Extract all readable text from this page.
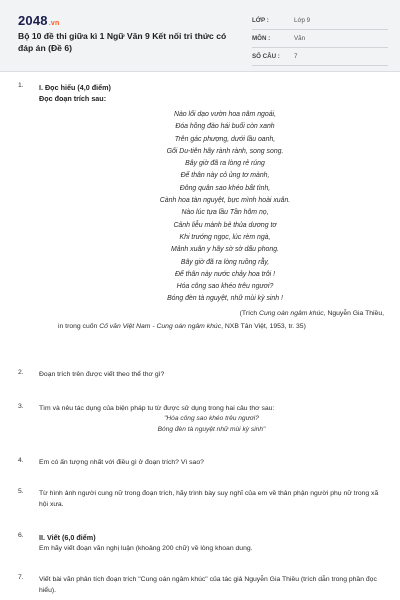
2048.vn
Bộ 10 đề thi giữa kì 1 Ngữ Văn 9 Kết nối tri thức có đáp án (Đề 6)
LỚP :	Lớp 9
MÔN :	Văn
SỐ CÂU :	7
1.	I. Đọc hiểu (4,0 điểm)
Đọc đoạn trích sau:
Nào lối dạo vườn hoa năm ngoái,
Đóa hồng đào hái buổi còn xanh
Trên gác phượng, dưới lầu oanh,
Gối Du-tiên hãy rành rành, song song.
Bây giờ đã ra lòng rẻ rúng
Để thân này cỏ ủng tơ mành,
Đông quân sao khéo bất tình,
Cành hoa tàn nguyệt, bực mình hoài xuân.
Nào lúc tựa lầu Tần hôm nọ,
Cảnh liễu mành bẻ thủa dương tơ
Khi trướng ngọc, lúc rèm ngà,
Mảnh xuân y hãy sờ sờ dấu phong.
Bây giờ đã ra lòng ruồng rẫy,
Để thân này nước chảy hoa trôi !
Hóa công sao khéo trêu ngươi?
Bóng đèn tà nguyệt, nhữ mùi kỳ sinh !
(Trích Cung oán ngâm khúc, Nguyễn Gia Thiều,
in trong cuốn Cố văn Việt Nam - Cung oán ngâm khúc, NXB Tân Việt, 1953, tr. 35)
2.	Đoạn trích trên được viết theo thể thơ gì?
3.	Tìm và nêu tác dụng của biện pháp tu từ được sử dụng trong hai câu thơ sau:
"Hóa công sao khéo trêu ngươi?
Bóng đèn tà nguyệt nhữ mùi kỳ sinh"
4.	Em có ấn tượng nhất với điều gì ở đoạn trích? Vì sao?
5.	Từ hình ảnh người cung nữ trong đoạn trích, hãy trình bày suy nghĩ của em về thân phận người phụ nữ trong xã hội xưa.
6.	II. Viết (6,0 điểm)
Em hãy viết đoạn văn nghị luận (khoảng 200 chữ) về lòng khoan dung.
7.	Viết bài văn phân tích đoạn trích "Cung oán ngâm khúc" của tác giả Nguyễn Gia Thiều (trích dẫn trong phần đọc hiểu).
